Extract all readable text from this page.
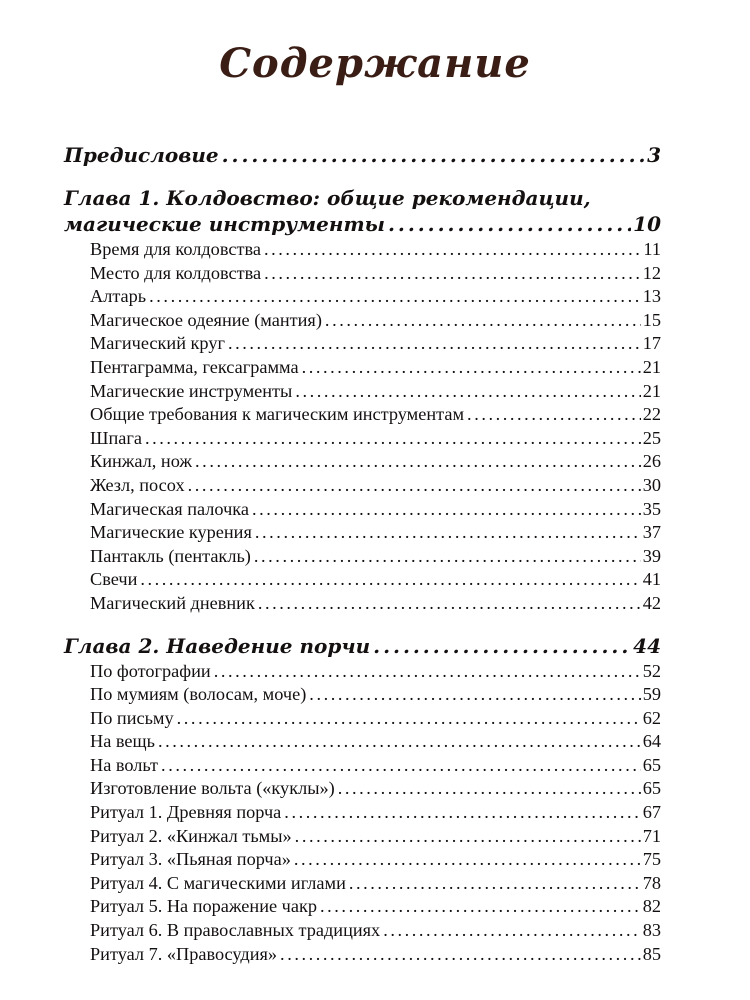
Содержание
Предисловие . . .	3
Глава 1. Колдовство: общие рекомендации,
магические инструменты . . .	10
Время для колдовства . . .	11
Место для колдовства . . .	12
Алтарь . . .	13
Магическое одеяние (мантия) . . .	15
Магический круг . . .	17
Пентаграмма, гексаграмма . . .	21
Магические инструменты . . .	21
Общие требования к магическим инструментам . . .	22
Шпага . . .	25
Кинжал, нож . . .	26
Жезл, посох . . .	30
Магическая палочка . . .	35
Магические курения . . .	37
Пантакль (пентакль) . . .	39
Свечи . . .	41
Магический дневник . . .	42
Глава 2. Наведение порчи . . .	44
По фотографии . . .	52
По мумиям (волосам, моче) . . .	59
По письму . . .	62
На вещь . . .	64
На вольт . . .	65
Изготовление вольта («куклы») . . .	65
Ритуал 1. Древняя порча . . .	67
Ритуал 2. «Кинжал тьмы» . . .	71
Ритуал 3. «Пьяная порча» . . .	75
Ритуал 4. С магическими иглами . . .	78
Ритуал 5. На поражение чакр . . .	82
Ритуал 6. В православных традициях . . .	83
Ритуал 7. «Правосудия» . . .	85
